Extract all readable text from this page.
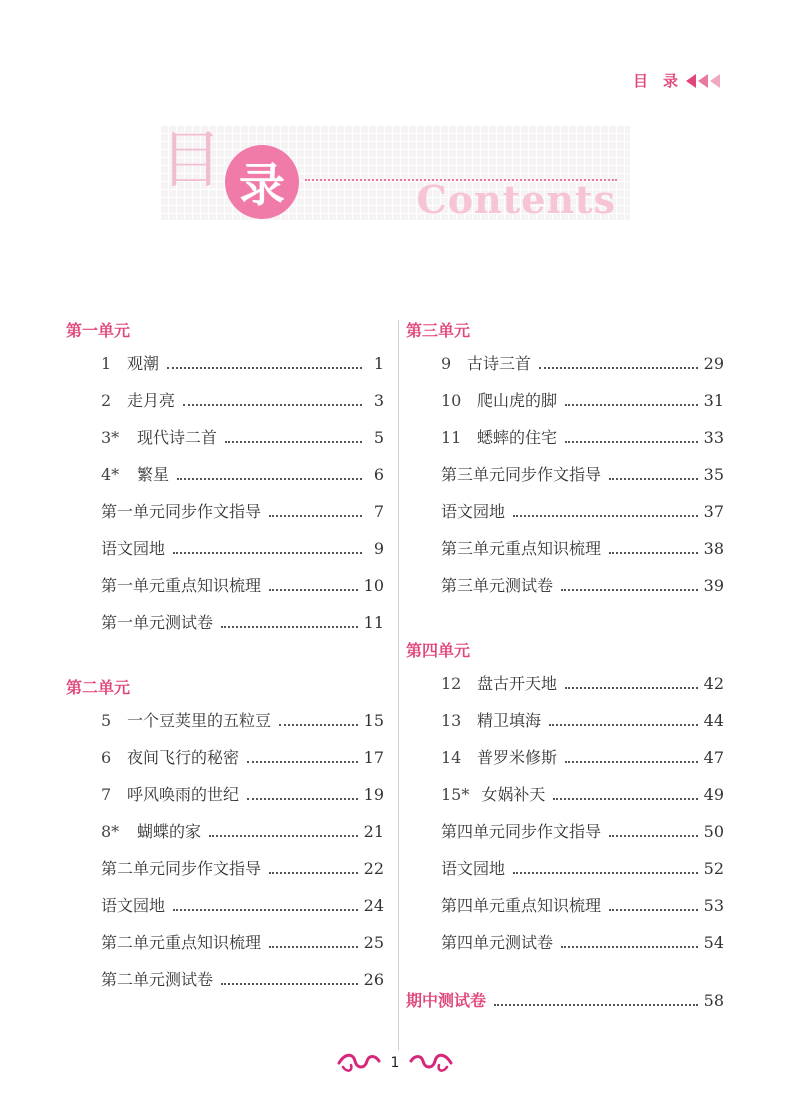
目　录
目 录	Contents
第一单元
1 观潮	1
2 走月亮	3
3*	现代诗二首	5
4*	繁星	6
第一单元同步作文指导	7
语文园地	9
第一单元重点知识梳理	10
第一单元测试卷	11
第二单元
5 一个豆荚里的五粒豆	15
6 夜间飞行的秘密	17
7 呼风唤雨的世纪	19
8*	蝴蝶的家	21
第二单元同步作文指导	22
语文园地	24
第二单元重点知识梳理	25
第二单元测试卷	26
第三单元
9 古诗三首	29
10 爬山虎的脚	31
11 蟋蟀的住宅	33
第三单元同步作文指导	35
语文园地	37
第三单元重点知识梳理	38
第三单元测试卷	39
第四单元
12 盘古开天地	42
13 精卫填海	44
14 普罗米修斯	47
15* 女娲补天	49
第四单元同步作文指导	50
语文园地	52
第四单元重点知识梳理	53
第四单元测试卷	54
期中测试卷	58
1
